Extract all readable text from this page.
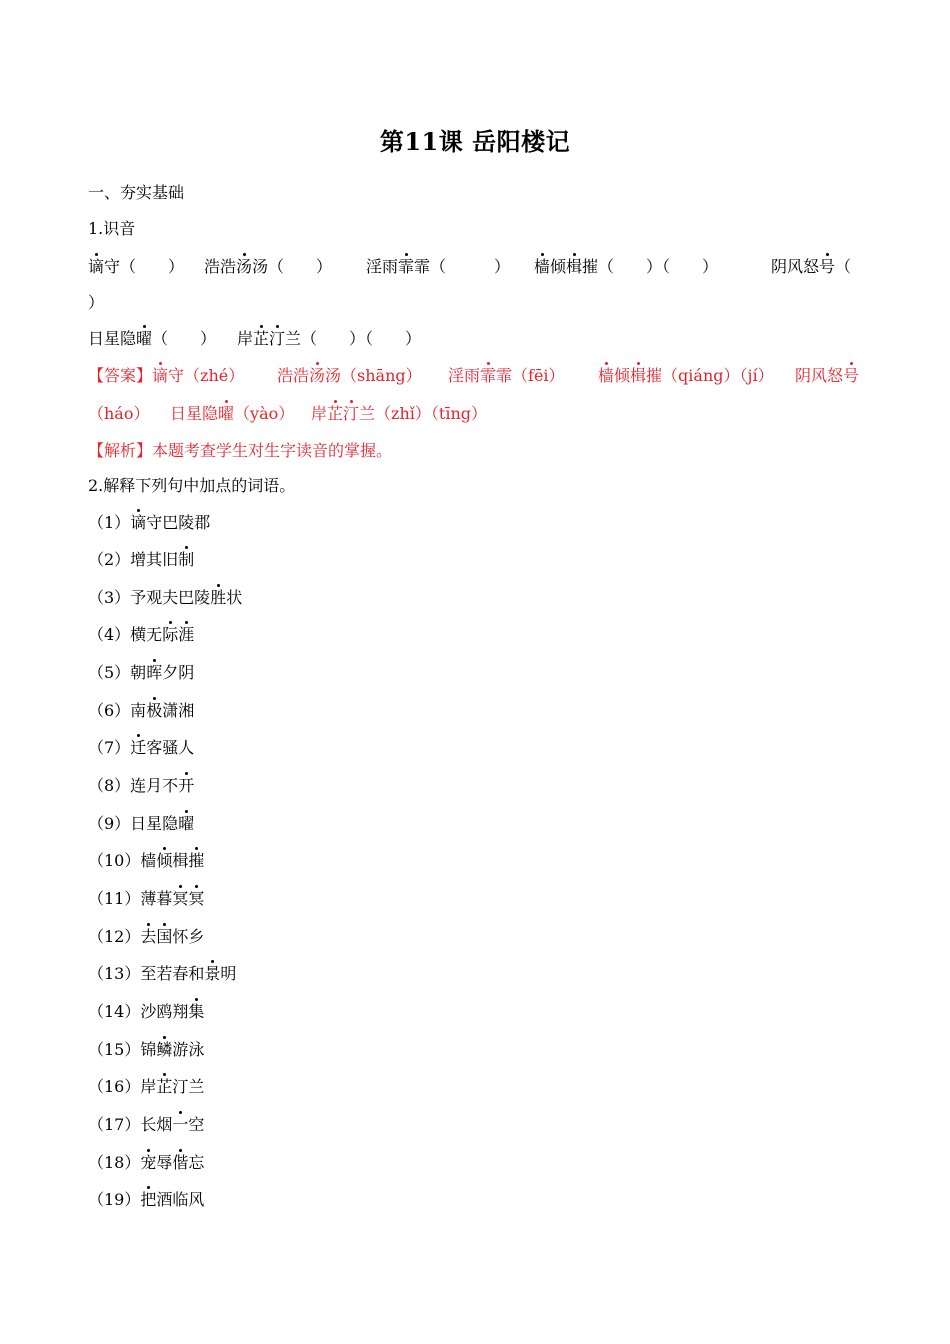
第11课 岳阳楼记
一、夯实基础
1.识音
谪守（　　） 浩浩汤汤（　　） 淫雨霏霏（　　　） 樯倾楫摧（　　）（　　）	阴风怒号（
）
日星隐曜（　　） 岸芷汀兰（　　）（　　）
【答案】谪守（zhé） 浩浩汤汤（shāng） 淫雨霏霏（fēi） 樯倾楫摧（qiáng）（jí） 阴风怒号
（háo） 日星隐曜（yào） 岸芷汀兰（zhǐ）（tīng）
【解析】本题考查学生对生字读音的掌握。
2.解释下列句中加点的词语。
（1）谪守巴陵郡
（2）增其旧制
（3）予观夫巴陵胜状
（4）横无际涯
（5）朝晖夕阴
（6）南极潇湘
（7）迁客骚人
（8）连月不开
（9）日星隐曜
（10）樯倾楫摧
（11）薄暮冥冥
（12）去国怀乡
（13）至若春和景明
（14）沙鸥翔集
（15）锦鳞游泳
（16）岸芷汀兰
（17）长烟一空
（18）宠辱偕忘
（19）把酒临风
